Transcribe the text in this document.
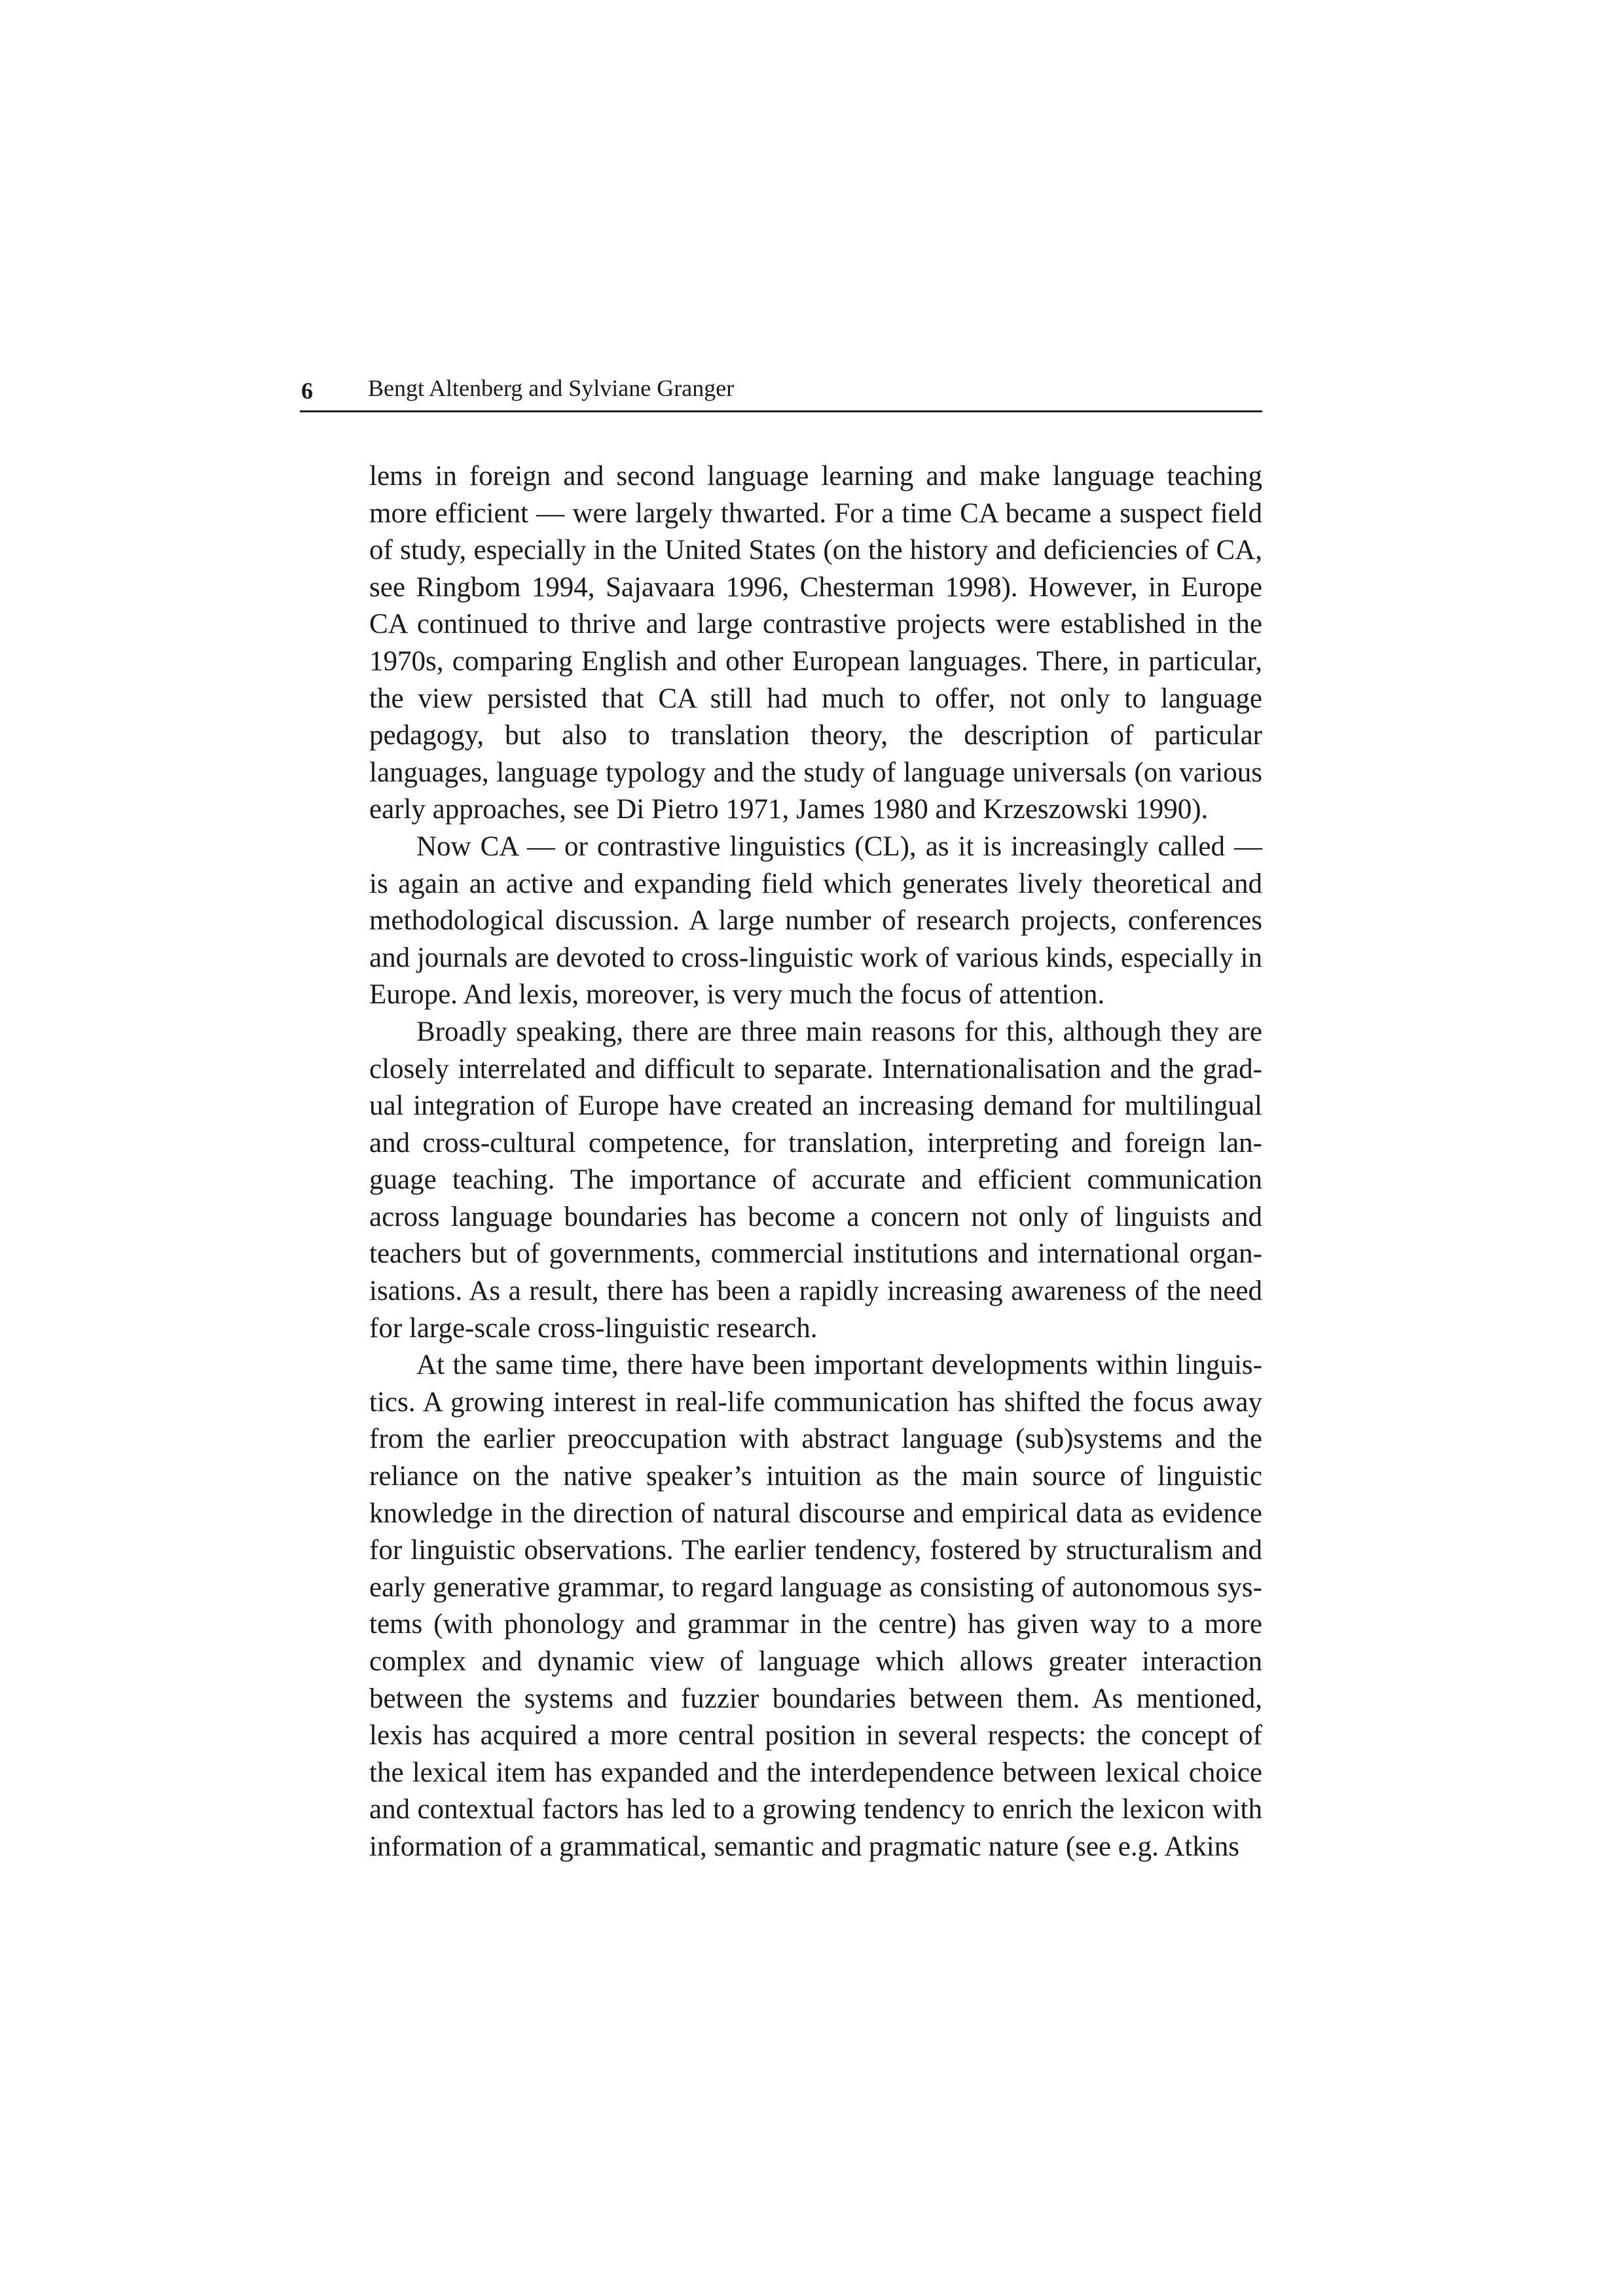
6 Bengt Altenberg and Sylviane Granger

lems in foreign and second language learning and make language teaching more efficient — were largely thwarted. For a time CA became a suspect field of study, especially in the United States (on the history and deficiencies of CA, see Ringbom 1994, Sajavaara 1996, Chesterman 1998). However, in Europe CA continued to thrive and large contrastive projects were established in the 1970s, comparing English and other European languages. There, in particular, the view persisted that CA still had much to offer, not only to language pedagogy, but also to translation theory, the description of particular languages, language typology and the study of language universals (on various early approaches, see Di Pietro 1971, James 1980 and Krzeszowski 1990).

Now CA — or contrastive linguistics (CL), as it is increasingly called — is again an active and expanding field which generates lively theoretical and methodological discussion. A large number of research projects, conferences and journals are devoted to cross-linguistic work of various kinds, especially in Europe. And lexis, moreover, is very much the focus of attention.

Broadly speaking, there are three main reasons for this, although they are closely interrelated and difficult to separate. Internationalisation and the gradual integration of Europe have created an increasing demand for multilingual and cross-cultural competence, for translation, interpreting and foreign language teaching. The importance of accurate and efficient communication across language boundaries has become a concern not only of linguists and teachers but of governments, commercial institutions and international organisations. As a result, there has been a rapidly increasing awareness of the need for large-scale cross-linguistic research.

At the same time, there have been important developments within linguistics. A growing interest in real-life communication has shifted the focus away from the earlier preoccupation with abstract language (sub)systems and the reliance on the native speaker’s intuition as the main source of linguistic knowledge in the direction of natural discourse and empirical data as evidence for linguistic observations. The earlier tendency, fostered by structuralism and early generative grammar, to regard language as consisting of autonomous systems (with phonology and grammar in the centre) has given way to a more complex and dynamic view of language which allows greater interaction between the systems and fuzzier boundaries between them. As mentioned, lexis has acquired a more central position in several respects: the concept of the lexical item has expanded and the interdependence between lexical choice and contextual factors has led to a growing tendency to enrich the lexicon with information of a grammatical, semantic and pragmatic nature (see e.g. Atkins
